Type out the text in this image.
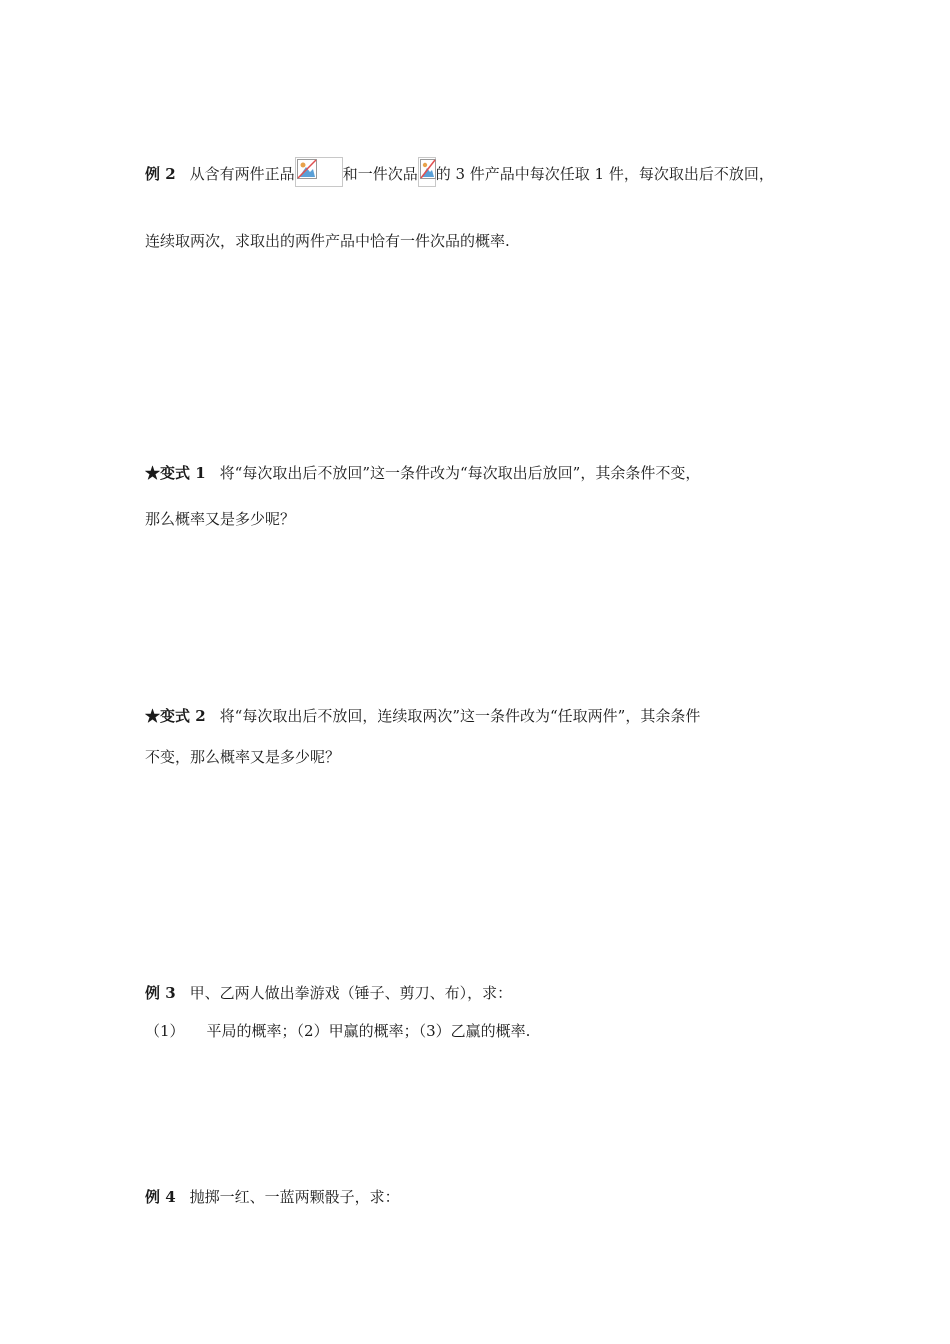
例 2 从含有两件正品	和一件次品 的 3 件产品中每次任取 1 件，每次取出后不放回，
连续取两次，求取出的两件产品中恰有一件次品的概率.
★变式 1 将“每次取出后不放回”这一条件改为“每次取出后放回”，其余条件不变，
那么概率又是多少呢？
★变式 2 将“每次取出后不放回，连续取两次”这一条件改为“任取两件”，其余条件
不变，那么概率又是多少呢？
例 3 甲、乙两人做出拳游戏（锤子、剪刀、布），求：
（1） 平局的概率；（2）甲赢的概率；（3）乙赢的概率.
例 4 抛掷一红、一蓝两颗骰子，求：
